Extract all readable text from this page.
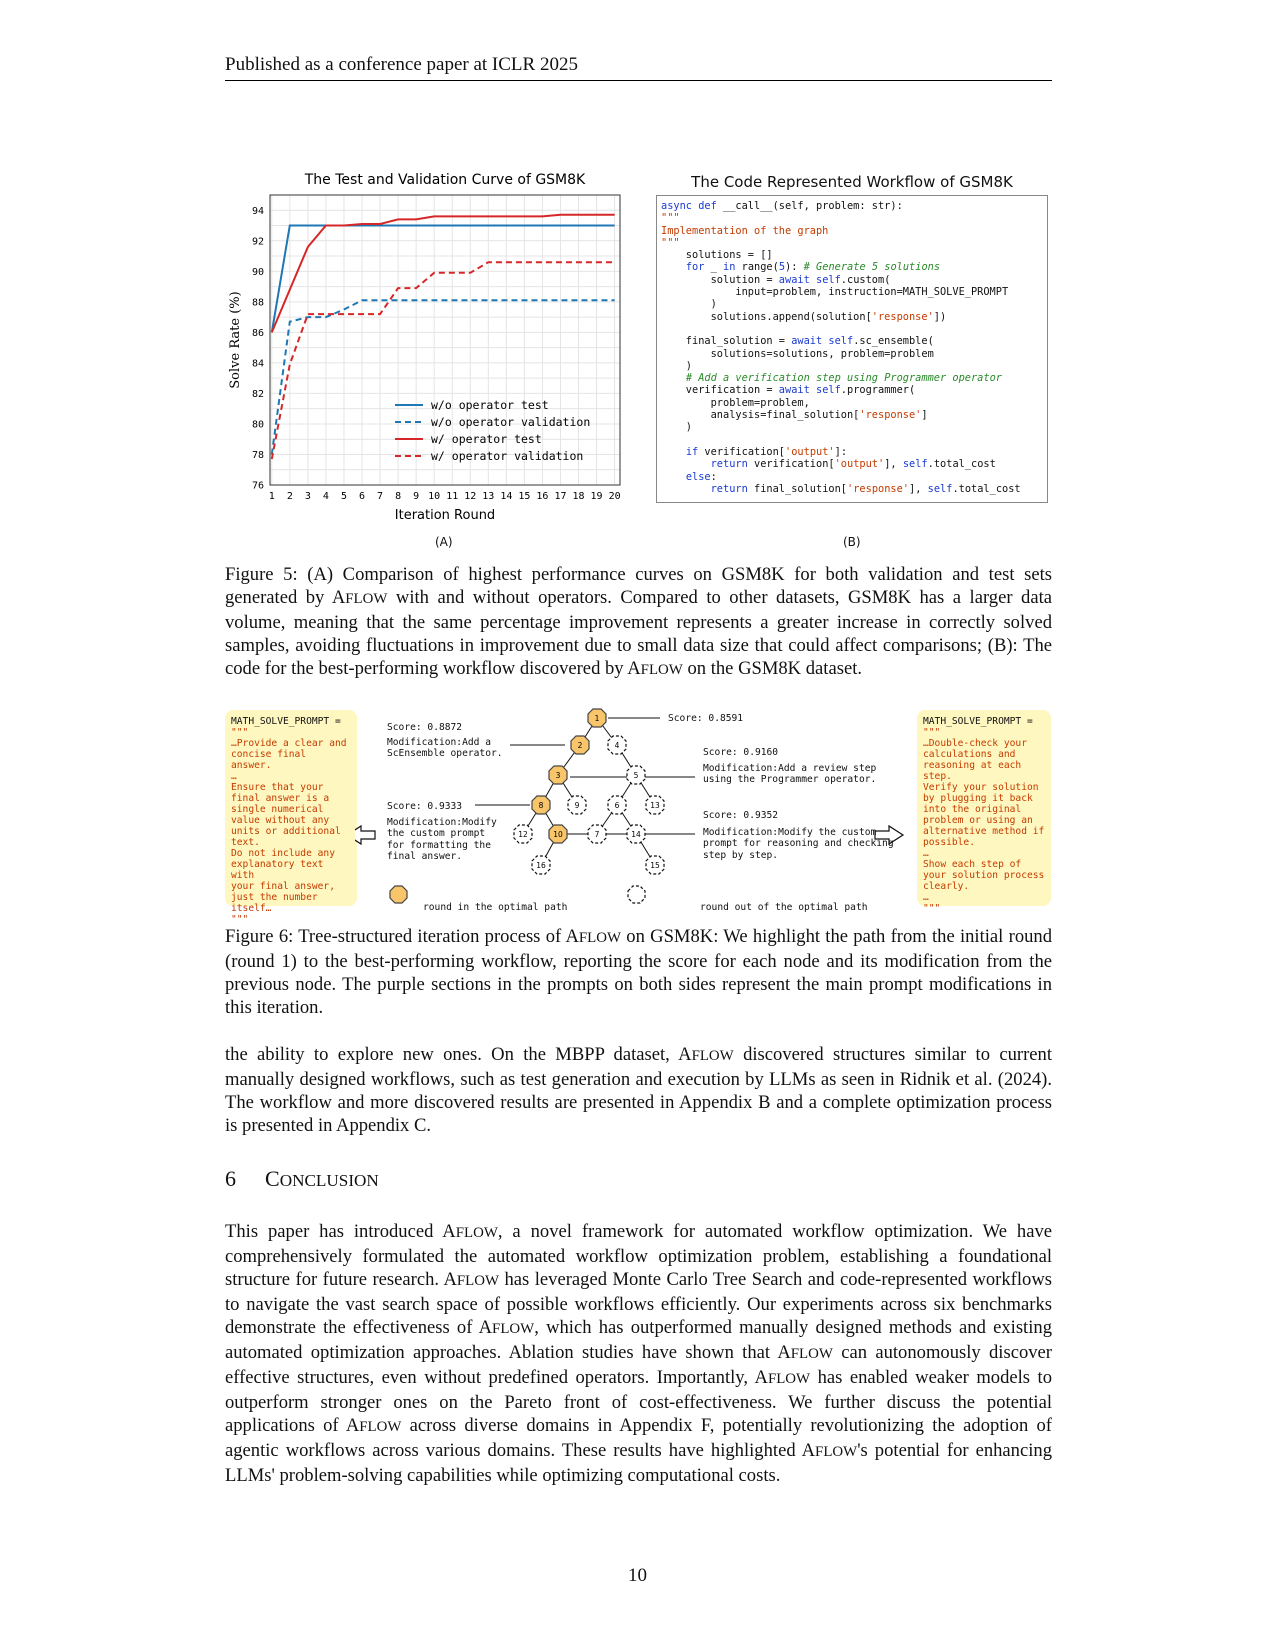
Published as a conference paper at ICLR 2025
The Test and Validation Curve of GSM8K
76
78
80
82
84
86
88
90
92
94
1 2 3 4 5 6 7 8 9 10 11 12 13 14 15 16 17 18 19 20
Iteration Round
Solve Rate (%)
w/o operator test
w/o operator validation
w/ operator test
w/ operator validation
(A)
The Code Represented Workflow of GSM8K
async def __call__(self, problem: str):
"""
Implementation of the graph
"""
solutions = []
for _ in range(5): # Generate 5 solutions
solution = await self.custom(
input=problem, instruction=MATH_SOLVE_PROMPT
)
solutions.append(solution['response'])

final_solution = await self.sc_ensemble(
solutions=solutions, problem=problem
)
# Add a verification step using Programmer operator
verification = await self.programmer(
problem=problem,
analysis=final_solution['response']
)

if verification['output']:
return verification['output'], self.total_cost
else:
return final_solution['response'], self.total_cost
(B)
Figure 5: (A) Comparison of highest performance curves on GSM8K for both validation and test sets generated by AFLOW with and without operators. Compared to other datasets, GSM8K has a larger data volume, meaning that the same percentage improvement represents a greater increase in correctly solved samples, avoiding fluctuations in improvement due to small data size that could affect comparisons; (B): The code for the best-performing workflow discovered by AFLOW on the GSM8K dataset.
MATH_SOLVE_PROMPT =
"""
…Provide a clear and
concise final answer.
…
Ensure that your
final answer is a
single numerical
value without any
units or additional
text.
Do not include any
explanatory text with
your final answer,
just the number
itself…
"""
MATH_SOLVE_PROMPT =
"""
…Double-check your
calculations and
reasoning at each
step.
Verify your solution
by plugging it back
into the original
problem or using an
alternative method if
possible.
…
Show each step of
your solution process
clearly.
…
"""
1
2
3
4
5
6
7
8	9
10
12
13
14
15
16
round in the optimal path	round out of the optimal path
Score: 0.8591
Score: 0.8872
Modification:Add a
ScEnsemble operator.	Score: 0.9160
Modification:Add a review step
using the Programmer operator.
Score: 0.9333
Modification:Modify
the custom prompt
for formatting the
final answer.
Score: 0.9352
Modification:Modify the custom
prompt for reasoning and checking
step by step.
Figure 6: Tree-structured iteration process of AFLOW on GSM8K: We highlight the path from the initial round (round 1) to the best-performing workflow, reporting the score for each node and its modification from the previous node. The purple sections in the prompts on both sides represent the main prompt modifications in this iteration.
the ability to explore new ones. On the MBPP dataset, AFLOW discovered structures similar to current manually designed workflows, such as test generation and execution by LLMs as seen in Ridnik et al. (2024). The workflow and more discovered results are presented in Appendix B and a complete optimization process is presented in Appendix C.
6 CONCLUSION
This paper has introduced AFLOW, a novel framework for automated workflow optimization. We have comprehensively formulated the automated workflow optimization problem, establishing a foundational structure for future research. AFLOW has leveraged Monte Carlo Tree Search and code-represented workflows to navigate the vast search space of possible workflows efficiently. Our experiments across six benchmarks demonstrate the effectiveness of AFLOW, which has outperformed manually designed methods and existing automated optimization approaches. Ablation studies have shown that AFLOW can autonomously discover effective structures, even without predefined operators. Importantly, AFLOW has enabled weaker models to outperform stronger ones on the Pareto front of cost-effectiveness. We further discuss the potential applications of AFLOW across diverse domains in Appendix F, potentially revolutionizing the adoption of agentic workflows across various domains. These results have highlighted AFLOW's potential for enhancing LLMs' problem-solving capabilities while optimizing computational costs.
10
